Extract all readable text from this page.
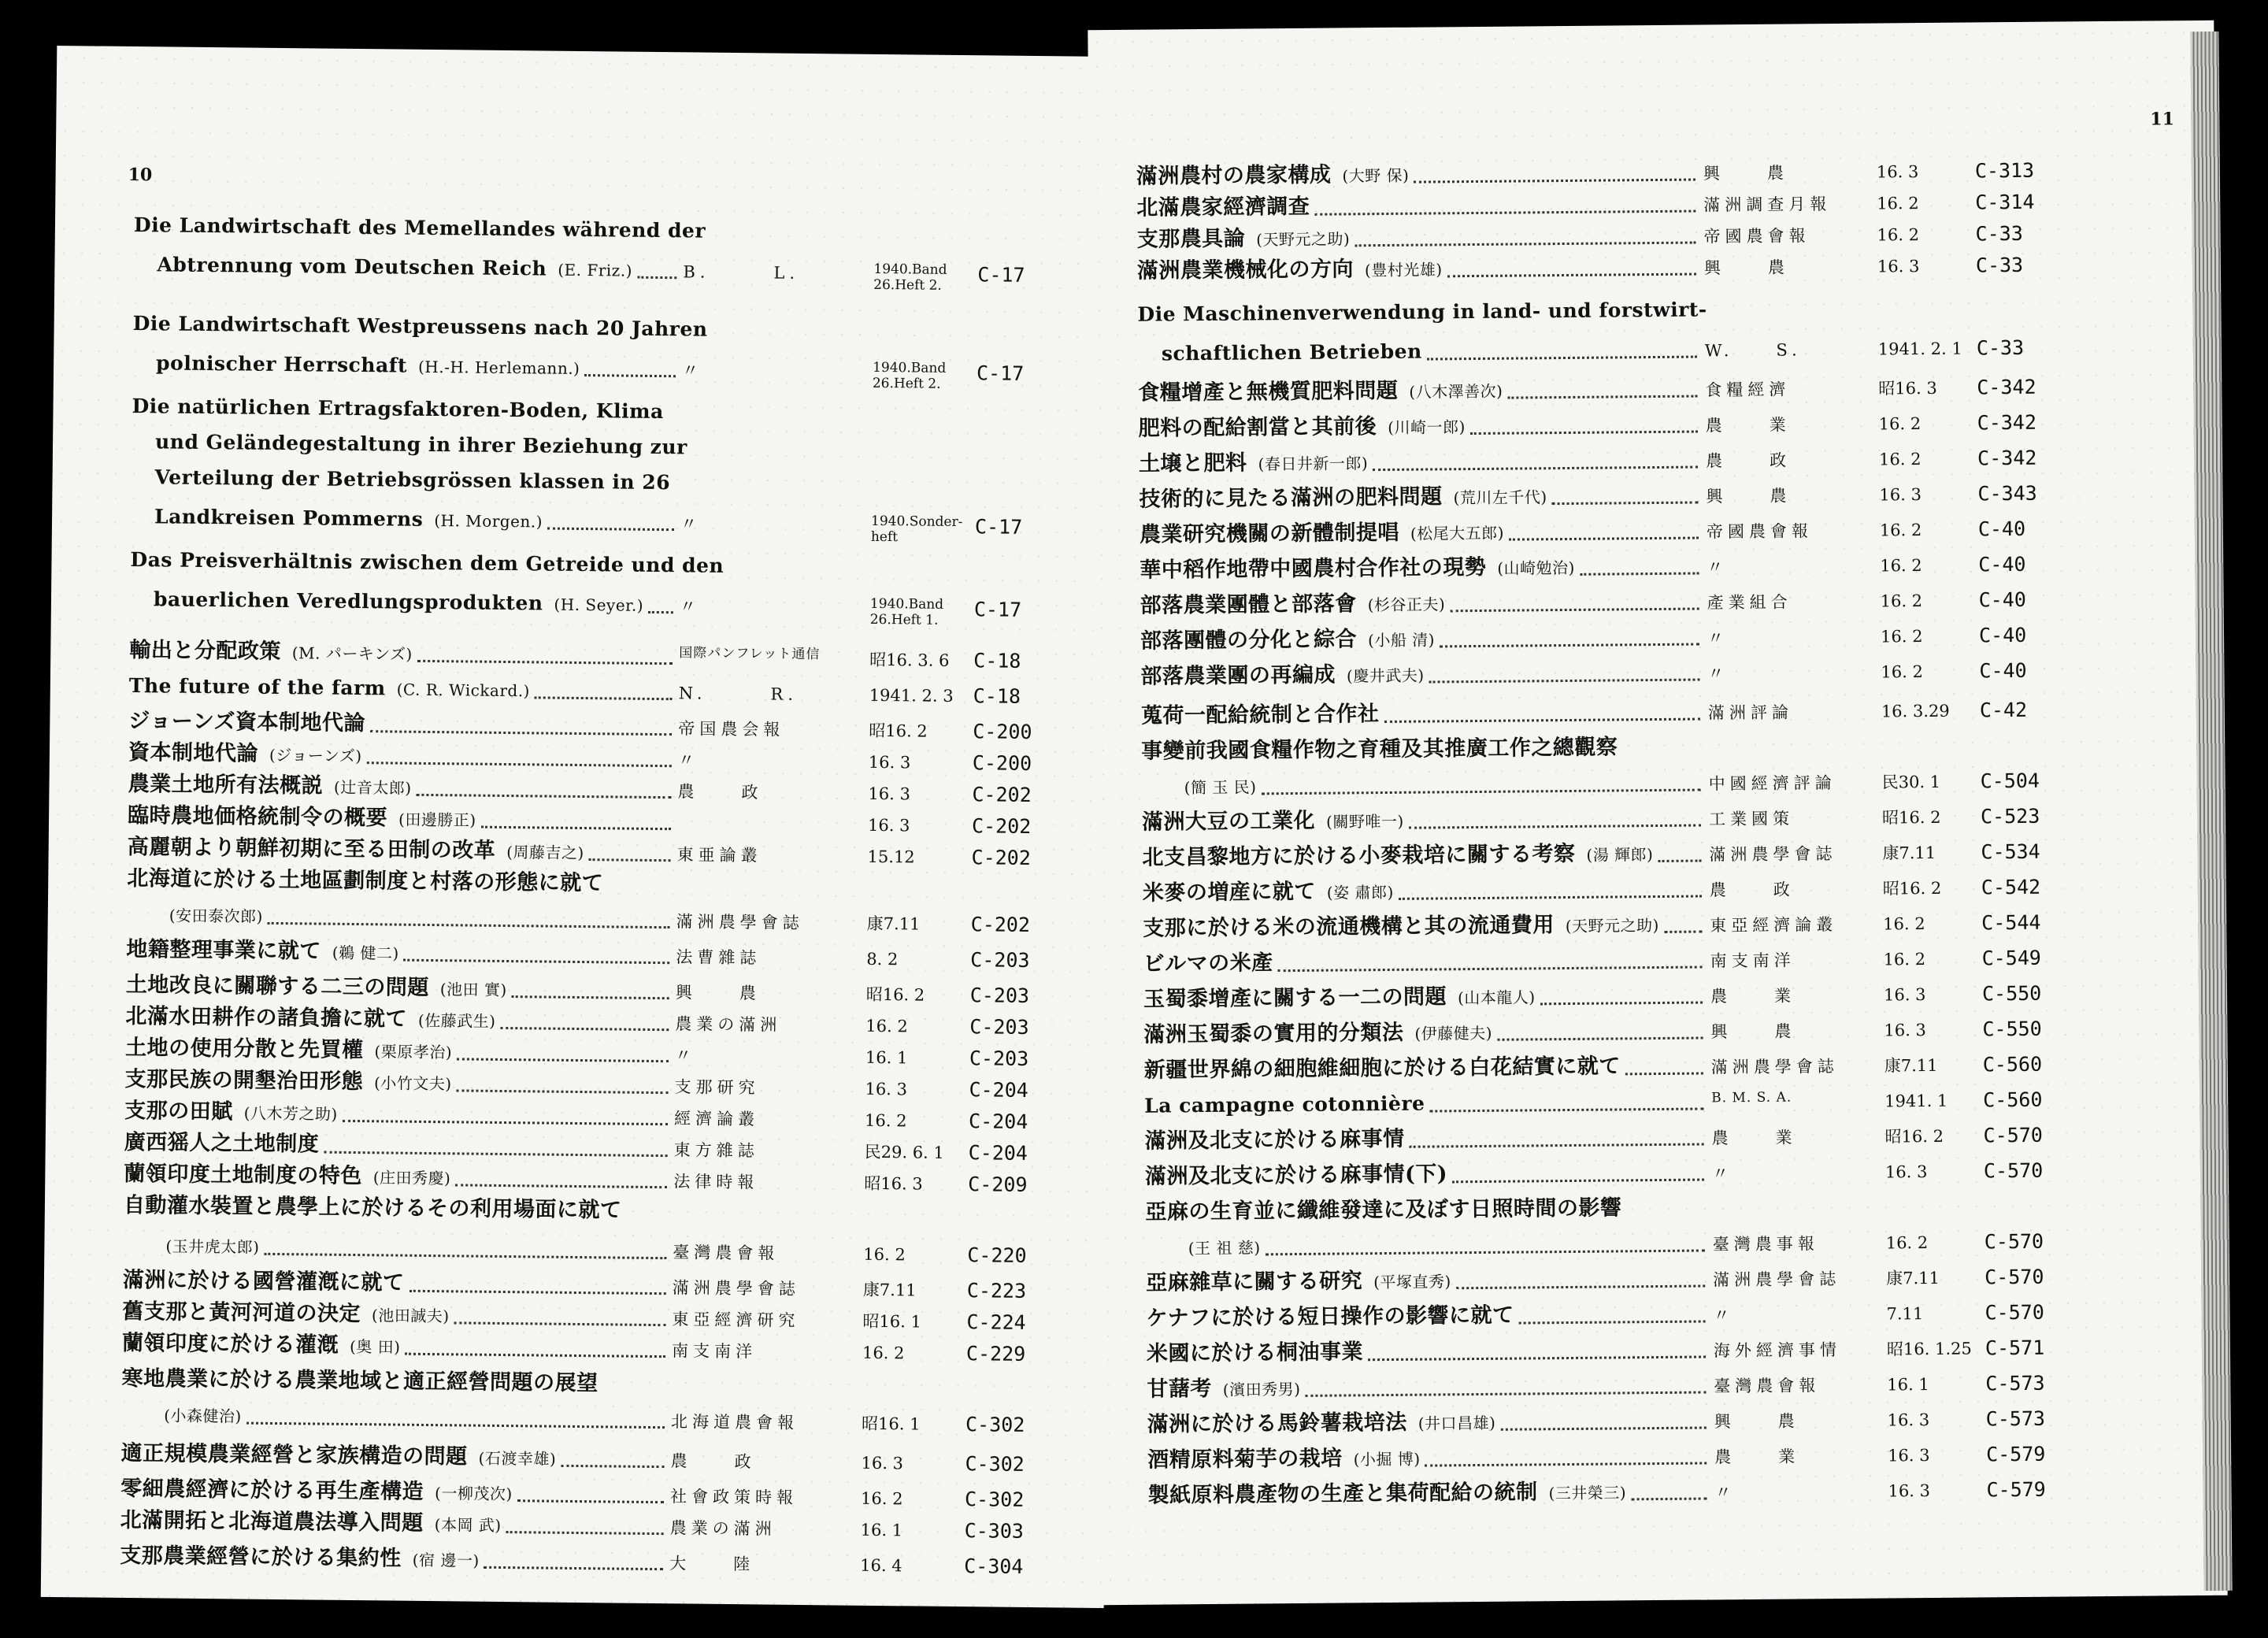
10
Die Landwirtschaft des Memellandes während der
Abtrennung vom Deutschen Reich (E. Friz.)	B.　　　L.	1940.Band 26.Heft 2.	C-17
Die Landwirtschaft Westpreussens nach 20 Jahren
polnischer Herrschaft (H.-H. Herlemann.)	〃	1940.Band 26.Heft 2.	C-17
Die natürlichen Ertragsfaktoren-Boden, Klima
und Geländegestaltung in ihrer Beziehung zur
Verteilung der Betriebsgrössen klassen in 26
Landkreisen Pommerns (H. Morgen.)	〃	1940.Sonder-heft	C-17
Das Preisverhältnis zwischen dem Getreide und den
bauerlichen Veredlungsprodukten (H. Seyer.) 〃	1940.Band 26.Heft 1.	C-17
輸出と分配政策 (M. パーキンズ)	国際パンフレット通信	昭16. 3. 6 C-18
The future of the farm (C. R. Wickard.)	N.　　　R.	1941. 2. 3 C-18
ジョーンズ資本制地代論	帝国農会報	昭16. 2 C-200
資本制地代論 (ジョーンズ)	〃	16. 3	C-200
農業土地所有法概説 (辻音太郎)	農　　政	16. 3	C-202
臨時農地価格統制令の概要 (田邊勝正)	16. 3	C-202
高麗朝より朝鮮初期に至る田制の改革 (周藤吉之)	東亜論叢	15.12	C-202
北海道に於ける土地區劃制度と村落の形態に就て
(安田泰次郎)	滿洲農學會誌	康7.11	C-202
地籍整理事業に就て (鵜 健二)	法曹雜誌	8. 2	C-203
土地改良に關聯する二三の問題 (池田 實)	興　　農	昭16. 2 C-203
北滿水田耕作の諸負擔に就て (佐藤武生)	農業の滿洲	16. 2	C-203
土地の使用分散と先買權 (栗原孝治)	〃	16. 1	C-203
支那民族の開墾治田形態 (小竹文夫)	支那研究	16. 3	C-204
支那の田賦 (八木芳之助)	經濟論叢	16. 2	C-204
廣西猺人之土地制度	東方雜誌	民29. 6. 1 C-204
蘭領印度土地制度の特色 (庄田秀慶)	法律時報	昭16. 3 C-209
自動灌水裝置と農學上に於けるその利用場面に就て
(玉井虎太郎)	臺灣農會報	16. 2	C-220
滿洲に於ける國營灌漑に就て	滿洲農學會誌	康7.11	C-223
舊支那と黃河河道の決定 (池田誠夫)	東亞經濟研究	昭16. 1 C-224
蘭領印度に於ける灌漑 (奥 田)	南支南洋	16. 2	C-229
寒地農業に於ける農業地域と適正經營問題の展望
(小森健治)	北海道農會報	昭16. 1 C-302
適正規模農業經營と家族構造の問題 (石渡幸雄)	農　　政	16. 3	C-302
零細農經濟に於ける再生產構造 (一柳茂次)	社會政策時報	16. 2	C-302
北滿開拓と北海道農法導入問題 (本岡 武)	農業の滿洲	16. 1	C-303
支那農業經營に於ける集約性 (宿 邊一)	大　　陸	16. 4	C-304
11
滿洲農村の農家構成 (大野 保)	興　　農	16. 3	C-313
北滿農家經濟調查	滿洲調查月報	16. 2	C-314
支那農具論 (天野元之助)	帝國農會報	16. 2	C-33
滿洲農業機械化の方向 (豊村光雄)	興　　農	16. 3	C-33
Die Maschinenverwendung in land- und forstwirt-
schaftlichen Betrieben	W.　　S.	1941. 2. 1 C-33
食糧增產と無機質肥料問題 (八木澤善次)	食糧經濟	昭16. 3 C-342
肥料の配給割當と其前後 (川崎一郎)	農　　業	16. 2	C-342
土壌と肥料 (春日井新一郎)	農　　政	16. 2	C-342
技術的に見たる滿洲の肥料問題 (荒川左千代)	興　　農	16. 3	C-343
農業研究機關の新體制提唱 (松尾大五郎)	帝國農會報	16. 2	C-40
華中稻作地帶中國農村合作社の現勢 (山崎勉治)	〃	16. 2	C-40
部落農業團體と部落會 (杉谷正夫)	產業組合	16. 2	C-40
部落團體の分化と綜合 (小船 清)	〃	16. 2	C-40
部落農業團の再編成 (慶井武夫)	〃	16. 2	C-40
蒐荷一配給統制と合作社	滿洲評論	16. 3.29 C-42
事變前我國食糧作物之育種及其推廣工作之總觀察
(簡 玉 民)	中國經濟評論	民30. 1 C-504
滿洲大豆の工業化 (關野唯一)	工業國策	昭16. 2 C-523
北支昌黎地方に於ける小麥栽培に關する考察 (湯 輝郎)	滿洲農學會誌	康7.11 C-534
米麥の増産に就て (姿 肅郎)	農　　政	昭16. 2 C-542
支那に於ける米の流通機構と其の流通費用 (天野元之助)	東亞經濟論叢	16. 2	C-544
ビルマの米產	南支南洋	16. 2	C-549
玉蜀黍增產に關する一二の問題 (山本龍人)	農　　業	16. 3	C-550
滿洲玉蜀黍の實用的分類法 (伊藤健夫)	興　　農	16. 3	C-550
新疆世界綿の細胞維細胞に於ける白花結實に就て	滿洲農學會誌	康7.11 C-560
La campagne cotonnière	B. M. S. A.	1941. 1 C-560
滿洲及北支に於ける麻事情	農　　業	昭16. 2 C-570
滿洲及北支に於ける麻事情(下)	〃	16. 3	C-570
亞麻の生育並に纖維發達に及ぼす日照時間の影響
(王 祖 慈)	臺灣農事報	16. 2	C-570
亞麻雜草に關する研究 (平塚直秀)	滿洲農學會誌	康7.11 C-570
ケナフに於ける短日操作の影響に就て	〃	7.11	C-570
米國に於ける桐油事業	海外經濟事情	昭16. 1.25 C-571
甘藷考 (濱田秀男)	臺灣農會報	16. 1	C-573
滿洲に於ける馬鈴薯栽培法 (井口昌雄)	興　　農	16. 3	C-573
酒精原料菊芋の栽培 (小掘 博)	農　　業	16. 3	C-579
製紙原料農產物の生產と集荷配給の統制 (三井榮三)	〃	16. 3	C-579
